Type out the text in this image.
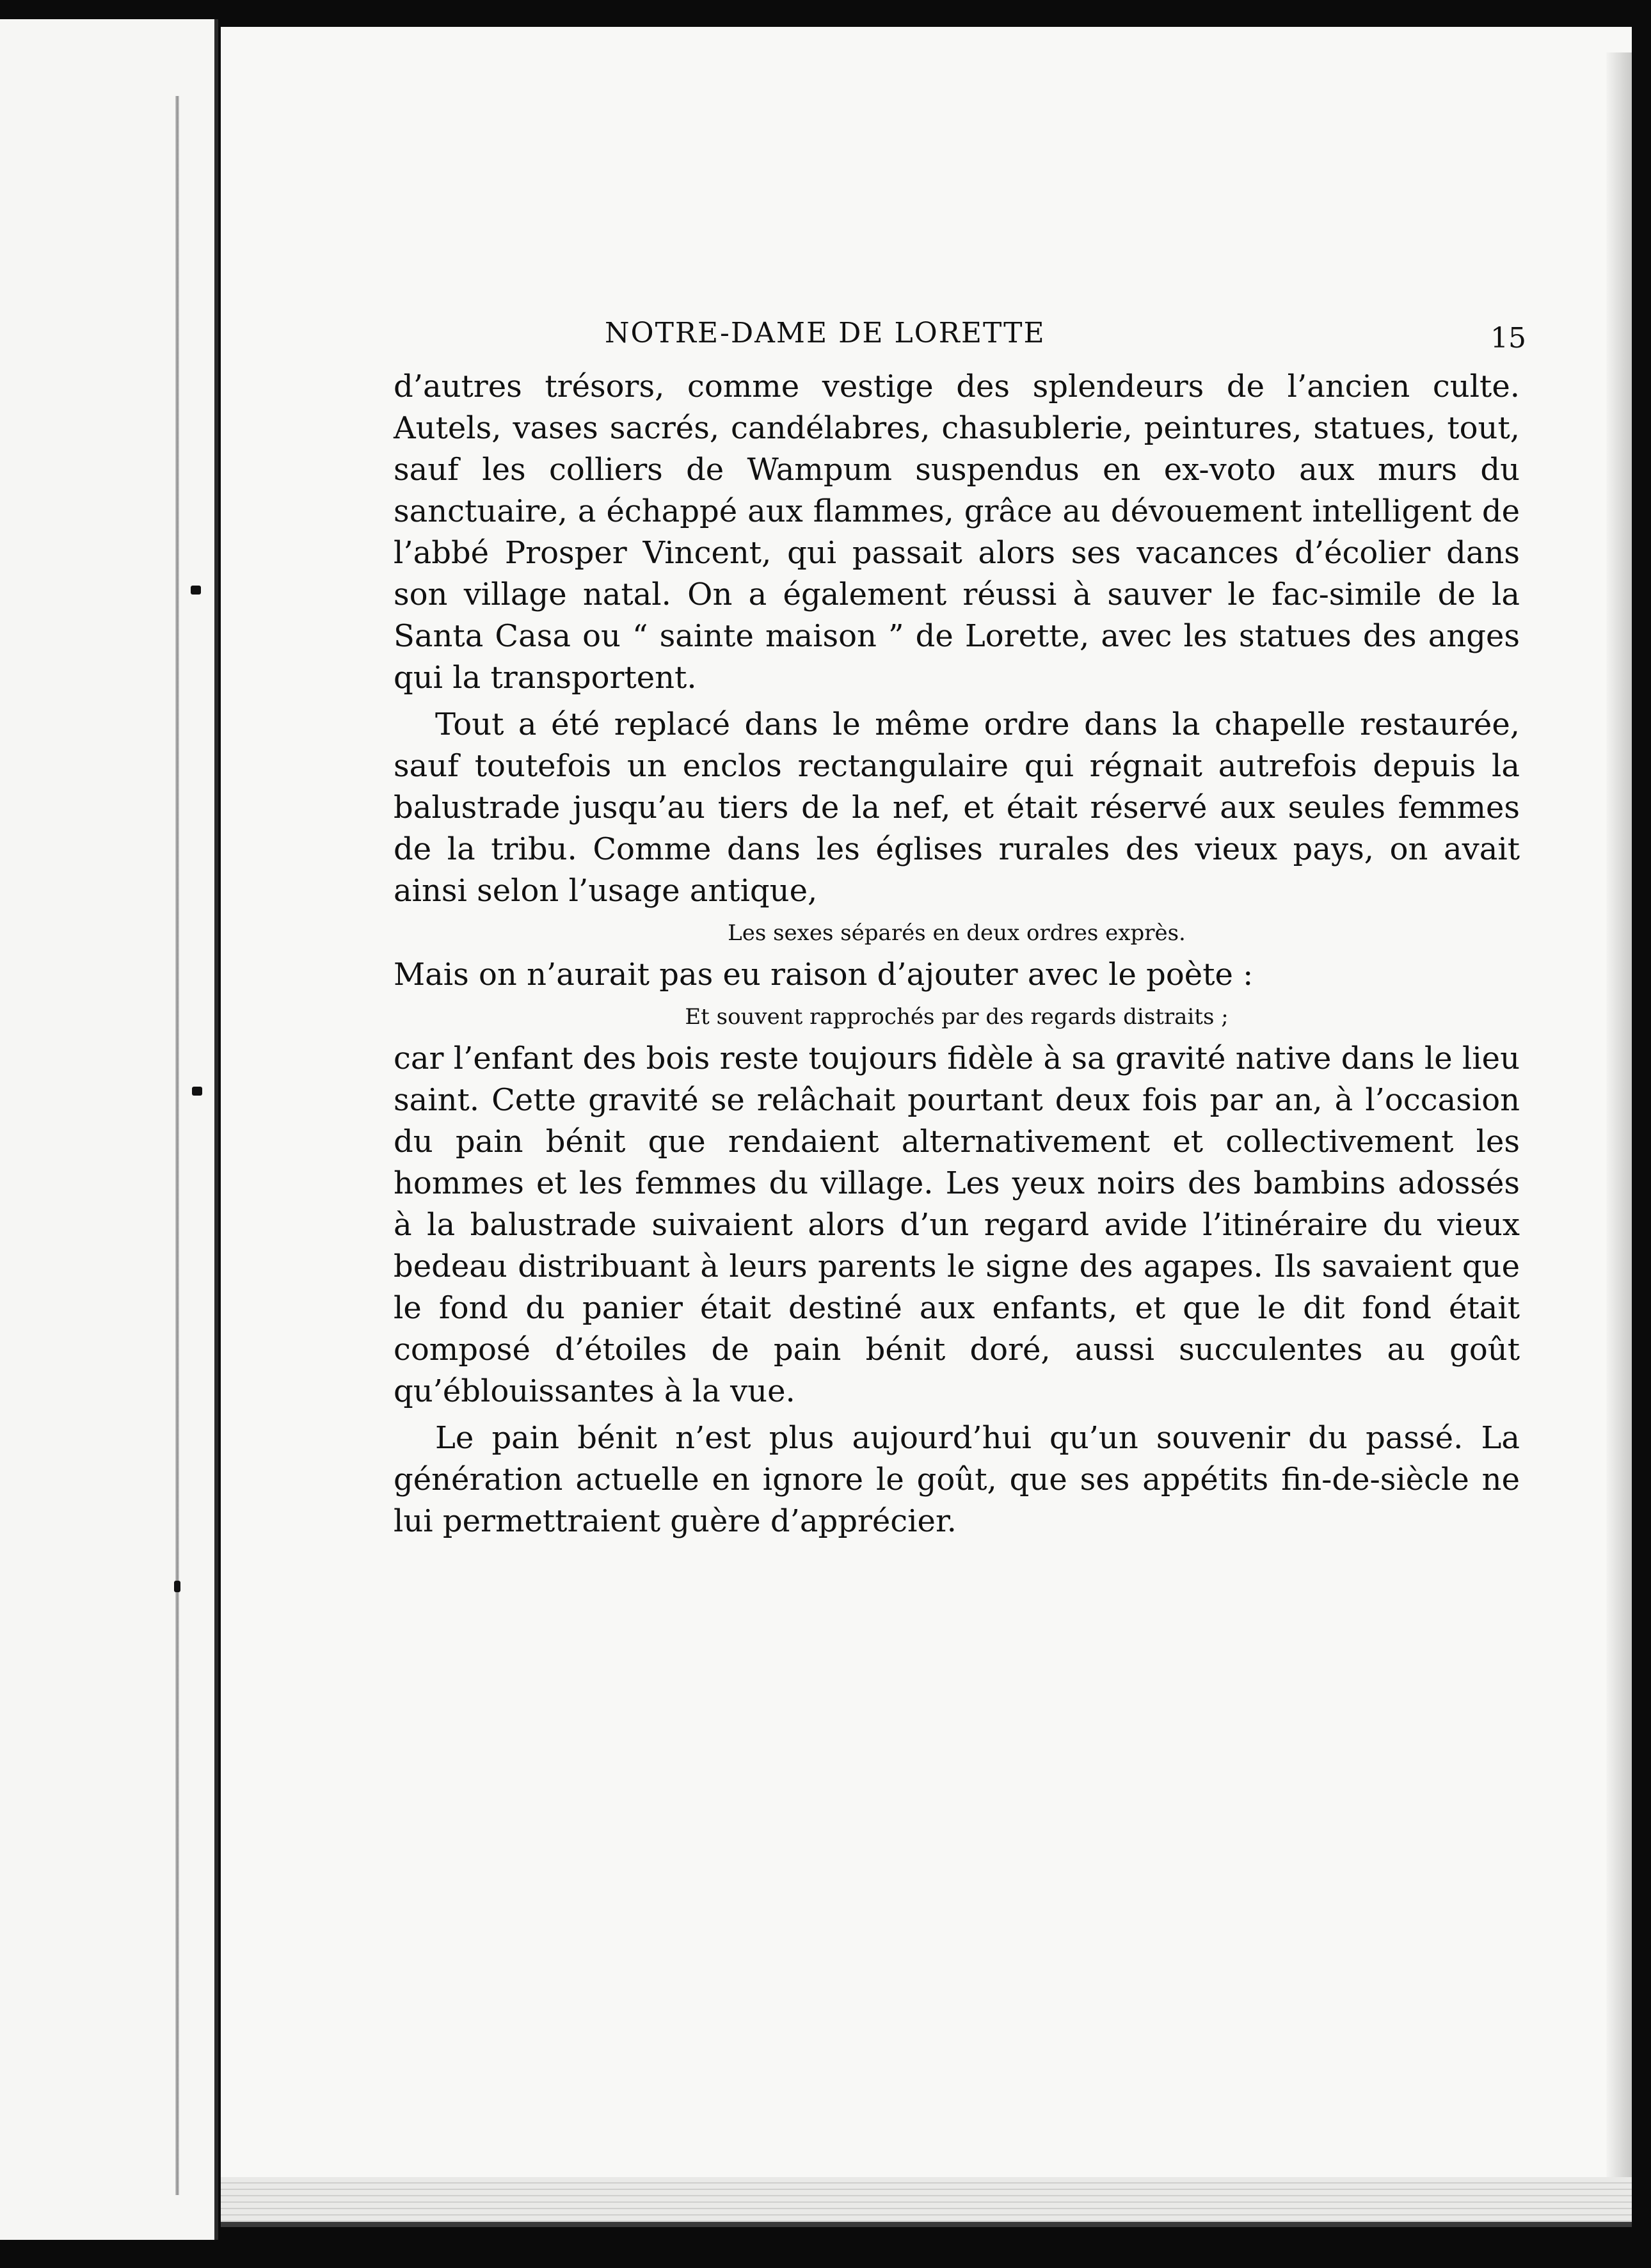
NOTRE-DAME DE LORETTE	15

d’autres trésors, comme vestige des splendeurs de l’ancien culte. Autels, vases sacrés, candélabres, chasublerie, peintures, statues, tout, sauf les colliers de Wampum suspendus en ex-voto aux murs du sanctuaire, a échappé aux flammes, grâce au dévouement intelligent de l’abbé Prosper Vincent, qui passait alors ses vacances d’écolier dans son village natal. On a également réussi à sauver le fac-simile de la Santa Casa ou “ sainte maison ” de Lorette, avec les statues des anges qui la transportent.

Tout a été replacé dans le même ordre dans la chapelle restaurée, sauf toutefois un enclos rectangulaire qui régnait autrefois depuis la balustrade jusqu’au tiers de la nef, et était réservé aux seules femmes de la tribu. Comme dans les églises rurales des vieux pays, on avait ainsi selon l’usage antique,

Les sexes séparés en deux ordres exprès.

Mais on n’aurait pas eu raison d’ajouter avec le poète :

Et souvent rapprochés par des regards distraits ;

car l’enfant des bois reste toujours fidèle à sa gravité native dans le lieu saint. Cette gravité se relâchait pourtant deux fois par an, à l’occasion du pain bénit que rendaient alternativement et collectivement les hommes et les femmes du village. Les yeux noirs des bambins adossés à la balustrade suivaient alors d’un regard avide l’itinéraire du vieux bedeau distribuant à leurs parents le signe des agapes. Ils savaient que le fond du panier était destiné aux enfants, et que le dit fond était composé d’étoiles de pain bénit doré, aussi succulentes au goût qu’éblouissantes à la vue.

Le pain bénit n’est plus aujourd’hui qu’un souvenir du passé. La génération actuelle en ignore le goût, que ses appétits fin-de-siècle ne lui permettraient guère d’apprécier.
